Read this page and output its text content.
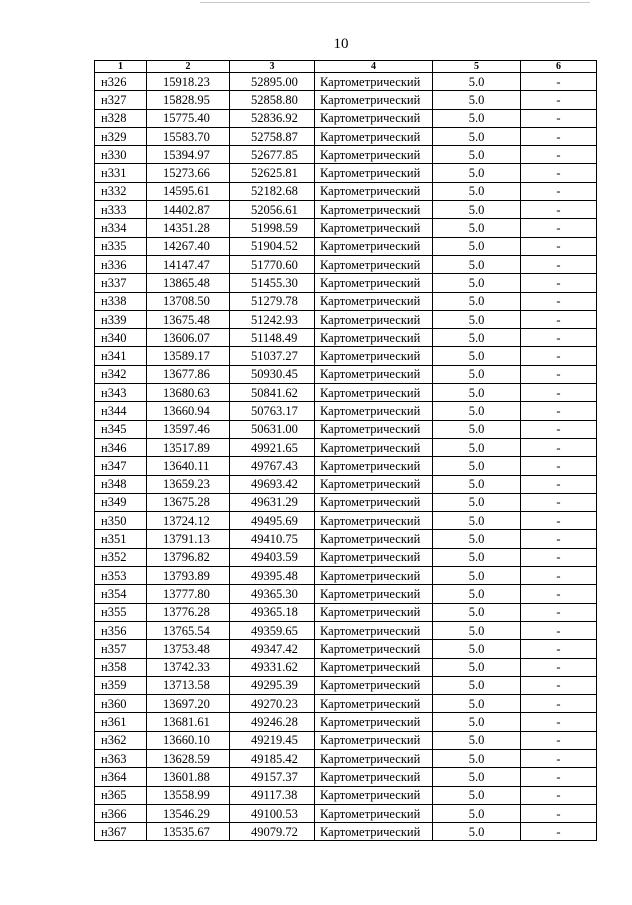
10
1	2	3	4	5	6
н326	15918.23	52895.00	Картометрический	5.0	-
н327	15828.95	52858.80	Картометрический	5.0	-
н328	15775.40	52836.92	Картометрический	5.0	-
н329	15583.70	52758.87	Картометрический	5.0	-
н330	15394.97	52677.85	Картометрический	5.0	-
н331	15273.66	52625.81	Картометрический	5.0	-
н332	14595.61	52182.68	Картометрический	5.0	-
н333	14402.87	52056.61	Картометрический	5.0	-
н334	14351.28	51998.59	Картометрический	5.0	-
н335	14267.40	51904.52	Картометрический	5.0	-
н336	14147.47	51770.60	Картометрический	5.0	-
н337	13865.48	51455.30	Картометрический	5.0	-
н338	13708.50	51279.78	Картометрический	5.0	-
н339	13675.48	51242.93	Картометрический	5.0	-
н340	13606.07	51148.49	Картометрический	5.0	-
н341	13589.17	51037.27	Картометрический	5.0	-
н342	13677.86	50930.45	Картометрический	5.0	-
н343	13680.63	50841.62	Картометрический	5.0	-
н344	13660.94	50763.17	Картометрический	5.0	-
н345	13597.46	50631.00	Картометрический	5.0	-
н346	13517.89	49921.65	Картометрический	5.0	-
н347	13640.11	49767.43	Картометрический	5.0	-
н348	13659.23	49693.42	Картометрический	5.0	-
н349	13675.28	49631.29	Картометрический	5.0	-
н350	13724.12	49495.69	Картометрический	5.0	-
н351	13791.13	49410.75	Картометрический	5.0	-
н352	13796.82	49403.59	Картометрический	5.0	-
н353	13793.89	49395.48	Картометрический	5.0	-
н354	13777.80	49365.30	Картометрический	5.0	-
н355	13776.28	49365.18	Картометрический	5.0	-
н356	13765.54	49359.65	Картометрический	5.0	-
н357	13753.48	49347.42	Картометрический	5.0	-
н358	13742.33	49331.62	Картометрический	5.0	-
н359	13713.58	49295.39	Картометрический	5.0	-
н360	13697.20	49270.23	Картометрический	5.0	-
н361	13681.61	49246.28	Картометрический	5.0	-
н362	13660.10	49219.45	Картометрический	5.0	-
н363	13628.59	49185.42	Картометрический	5.0	-
н364	13601.88	49157.37	Картометрический	5.0	-
н365	13558.99	49117.38	Картометрический	5.0	-
н366	13546.29	49100.53	Картометрический	5.0	-
н367	13535.67	49079.72	Картометрический	5.0	-
